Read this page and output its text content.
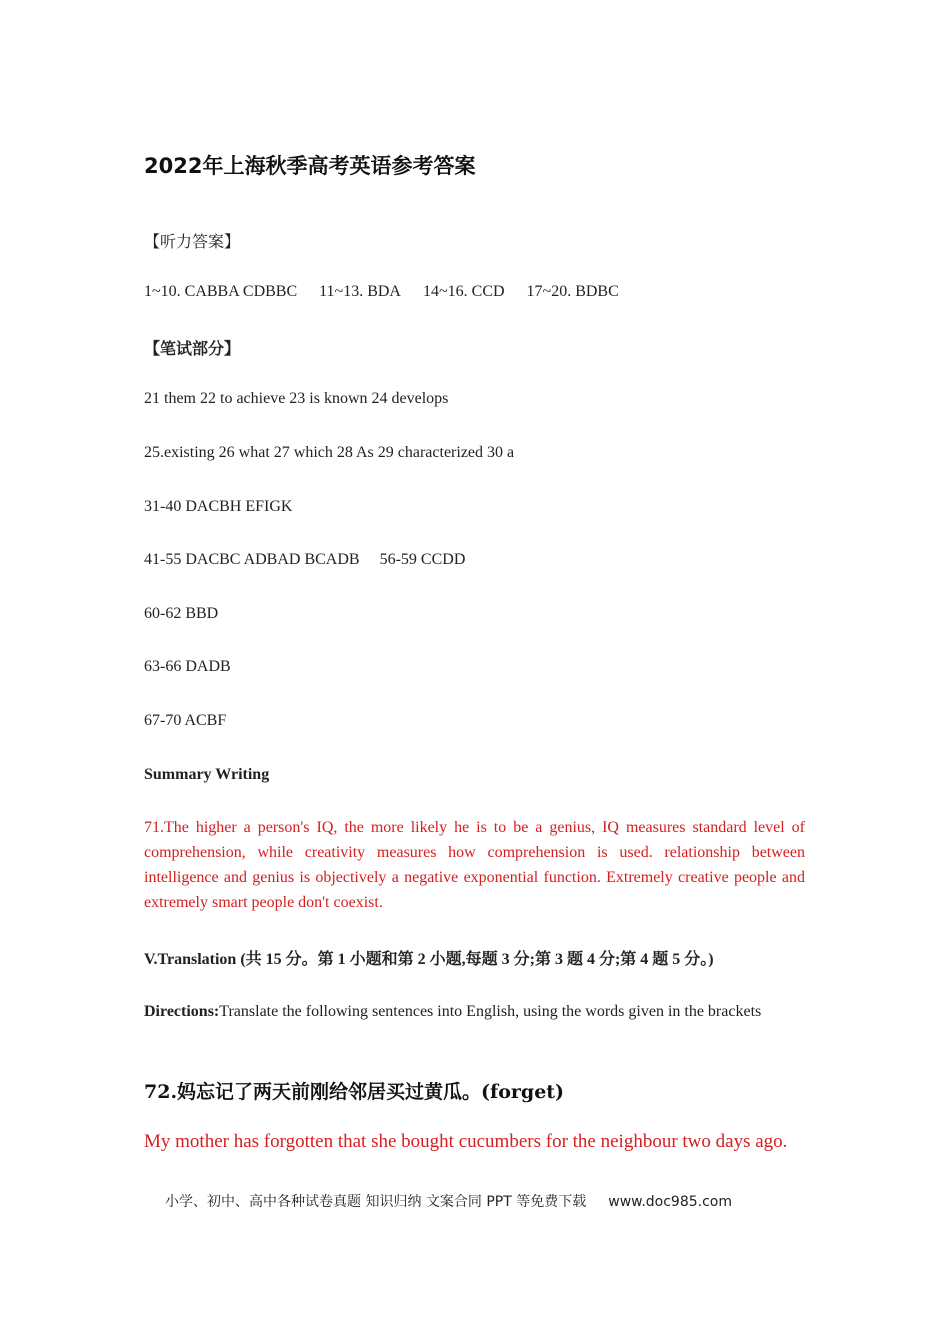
2022年上海秋季高考英语参考答案
【听力答案】
1~10. CABBA CDBBC 11~13. BDA 14~16. CCD 17~20. BDBC
【笔试部分】
21 them 22 to achieve 23 is known 24 develops
25.existing 26 what 27 which 28 As 29 characterized 30 a
31-40 DACBH EFIGK
41-55 DACBC ADBAD BCADB 56-59 CCDD
60-62 BBD
63-66 DADB
67-70 ACBF
Summary Writing

71.The higher a person's IQ, the more likely he is to be a genius, IQ measures standard level of comprehension, while creativity measures how comprehension is used. relationship between intelligence and genius is objectively a negative exponential function. Extremely creative people and extremely smart people don't coexist.

V.Translation (共 15 分。第 1 小题和第 2 小题,每题 3 分;第 3 题 4 分;第 4 题 5 分。)

Directions:Translate the following sentences into English, using the words given in the brackets

72.妈忘记了两天前刚给邻居买过黄瓜。(forget)

My mother has forgotten that she bought cucumbers for the neighbour two days ago.

小学、初中、高中各种试卷真题 知识归纳 文案合同 PPT 等免费下载 www.doc985.com
